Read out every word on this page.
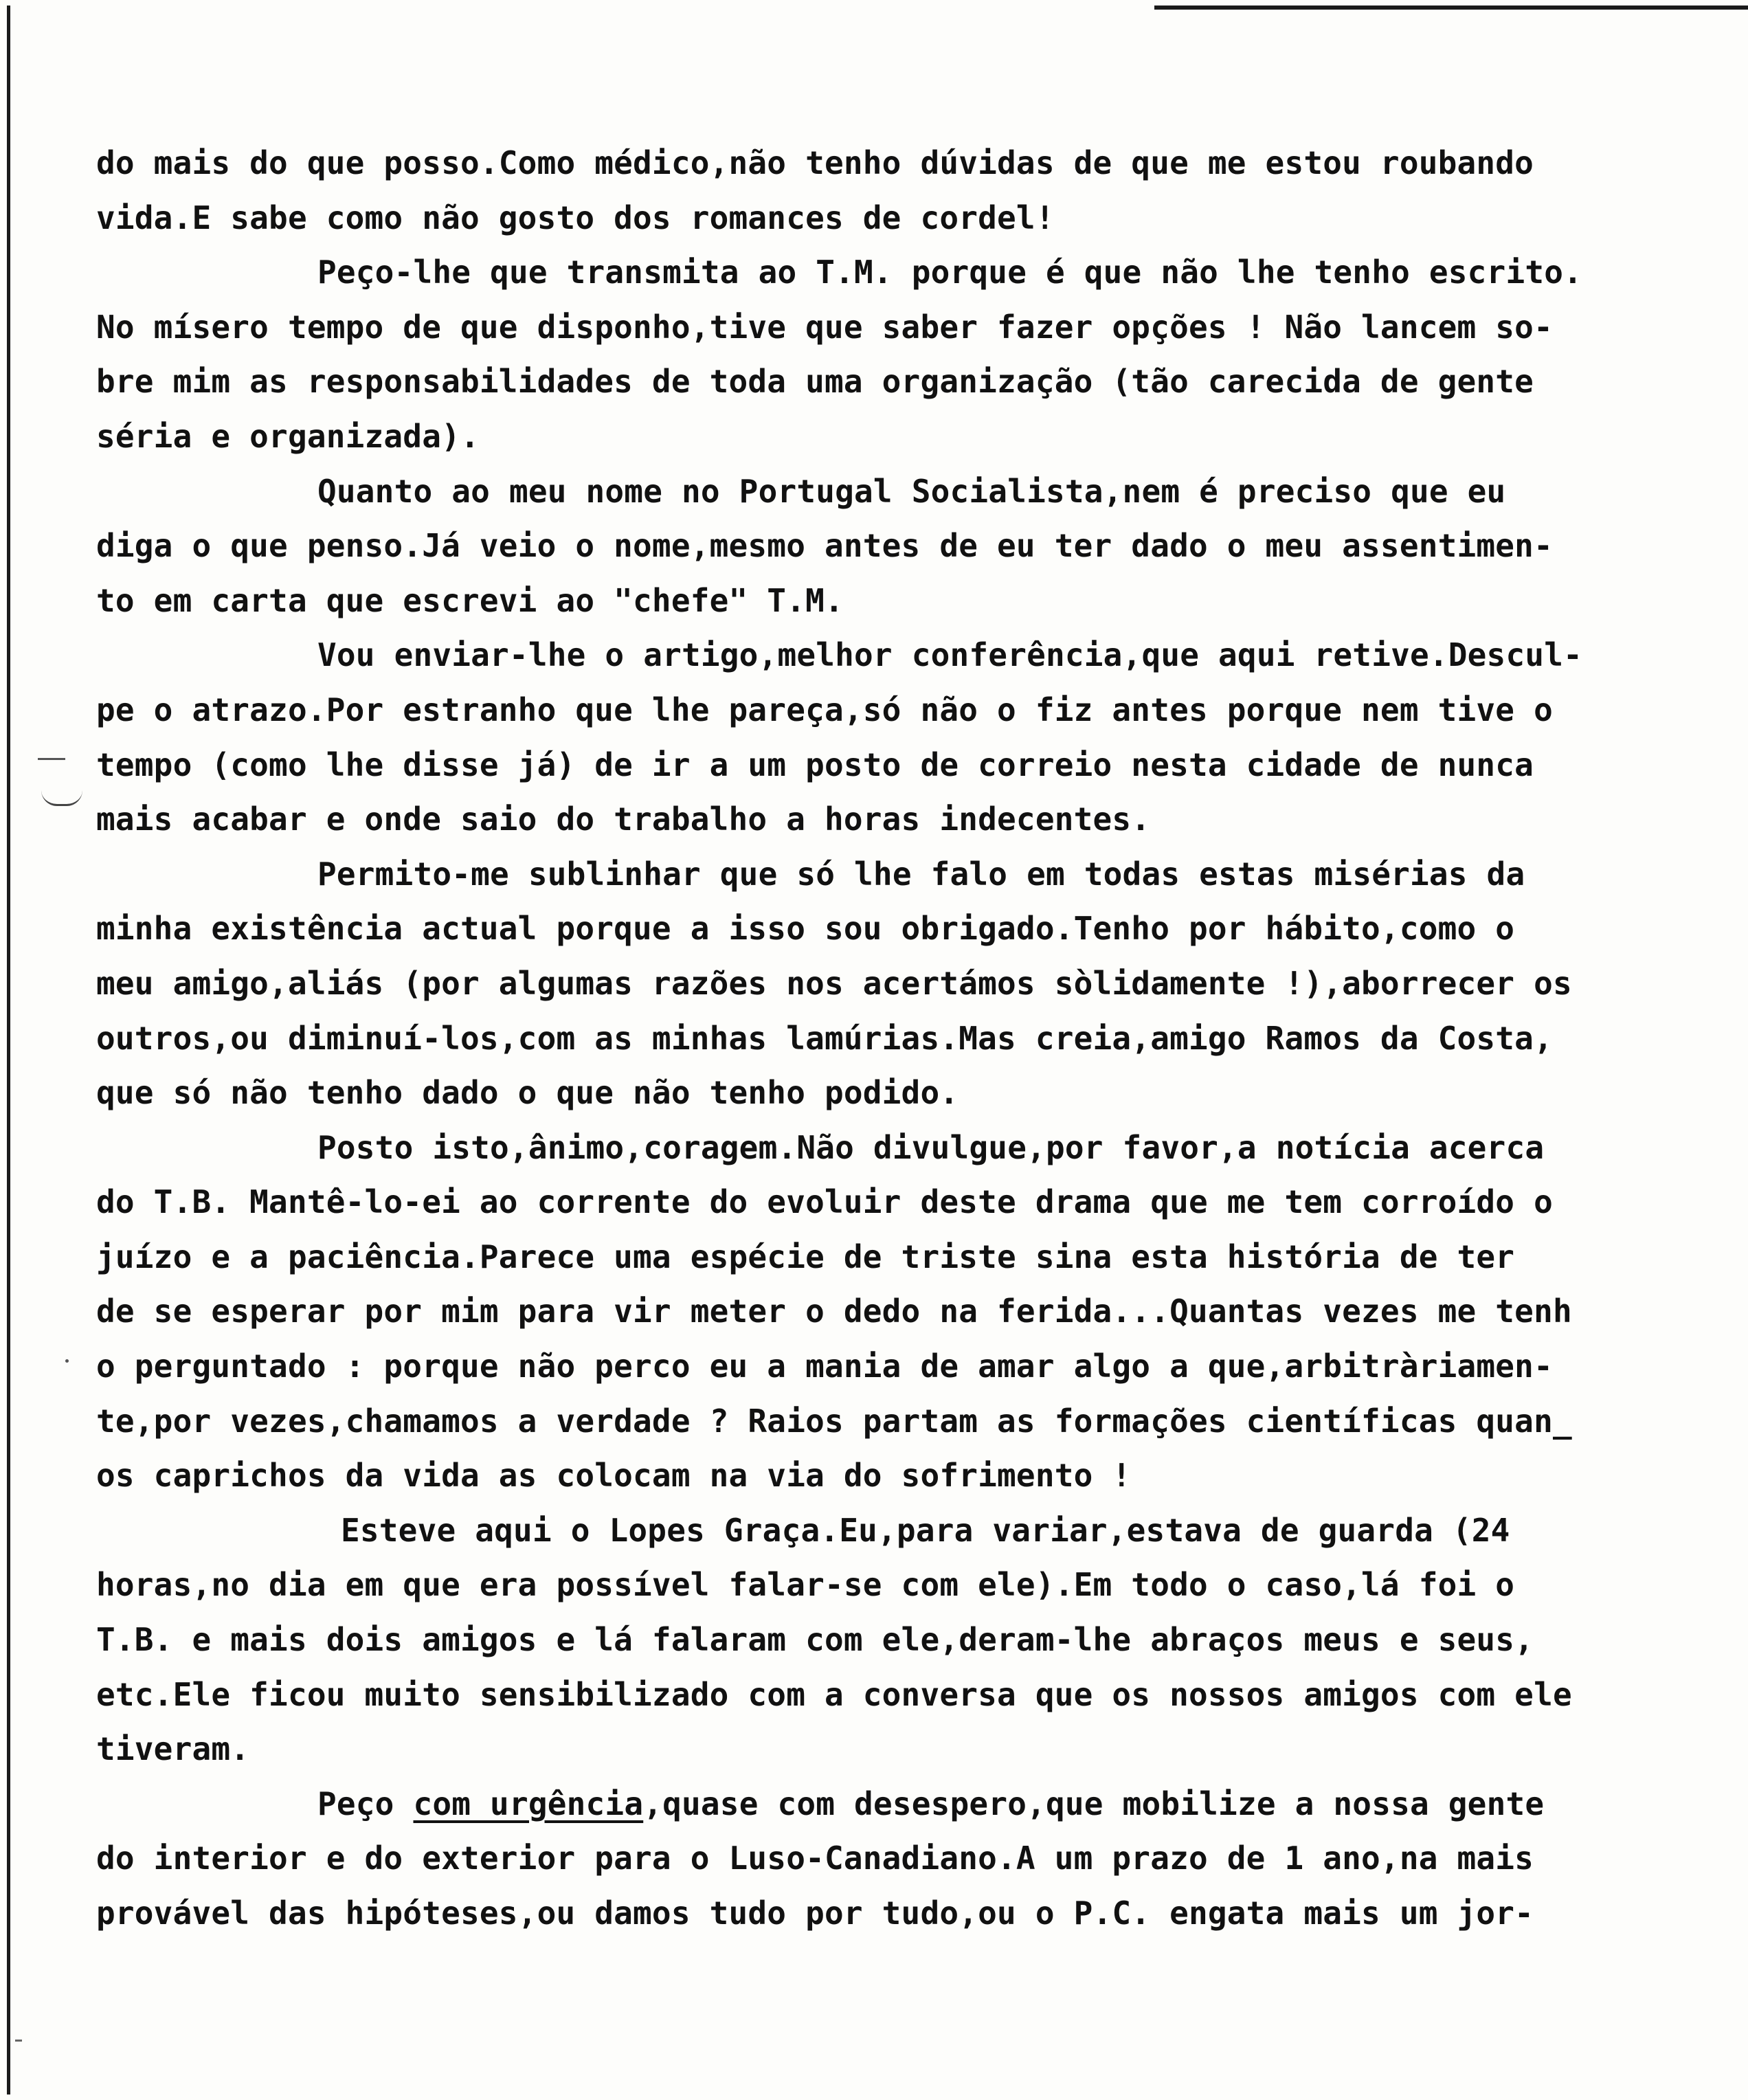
do mais do que posso.Como médico,não tenho dúvidas de que me estou roubando
vida.E sabe como não gosto dos romances de cordel!
Peço-lhe que transmita ao T.M. porque é que não lhe tenho escrito.
No mísero tempo de que disponho,tive que saber fazer opções ! Não lancem so-
bre mim as responsabilidades de toda uma organização (tão carecida de gente
séria e organizada).
Quanto ao meu nome no Portugal Socialista,nem é preciso que eu
diga o que penso.Já veio o nome,mesmo antes de eu ter dado o meu assentimen-
to em carta que escrevi ao "chefe" T.M.
Vou enviar-lhe o artigo,melhor conferência,que aqui retive.Descul-
pe o atrazo.Por estranho que lhe pareça,só não o fiz antes porque nem tive o
tempo (como lhe disse já) de ir a um posto de correio nesta cidade de nunca
mais acabar e onde saio do trabalho a horas indecentes.
Permito-me sublinhar que só lhe falo em todas estas misérias da
minha existência actual porque a isso sou obrigado.Tenho por hábito,como o
meu amigo,aliás (por algumas razões nos acertámos sòlidamente !),aborrecer os
outros,ou diminuí-los,com as minhas lamúrias.Mas creia,amigo Ramos da Costa,
que só não tenho dado o que não tenho podido.
Posto isto,ânimo,coragem.Não divulgue,por favor,a notícia acerca
do T.B. Mantê-lo-ei ao corrente do evoluir deste drama que me tem corroído o
juízo e a paciência.Parece uma espécie de triste sina esta história de ter
de se esperar por mim para vir meter o dedo na ferida...Quantas vezes me tenh
o perguntado : porque não perco eu a mania de amar algo a que,arbitràriamen-
te,por vezes,chamamos a verdade ? Raios partam as formações científicas quan_
os caprichos da vida as colocam na via do sofrimento !
Esteve aqui o Lopes Graça.Eu,para variar,estava de guarda (24
horas,no dia em que era possível falar-se com ele).Em todo o caso,lá foi o
T.B. e mais dois amigos e lá falaram com ele,deram-lhe abraços meus e seus,
etc.Ele ficou muito sensibilizado com a conversa que os nossos amigos com ele
tiveram.
Peço com urgência,quase com desespero,que mobilize a nossa gente
do interior e do exterior para o Luso-Canadiano.A um prazo de 1 ano,na mais
provável das hipóteses,ou damos tudo por tudo,ou o P.C. engata mais um jor-
